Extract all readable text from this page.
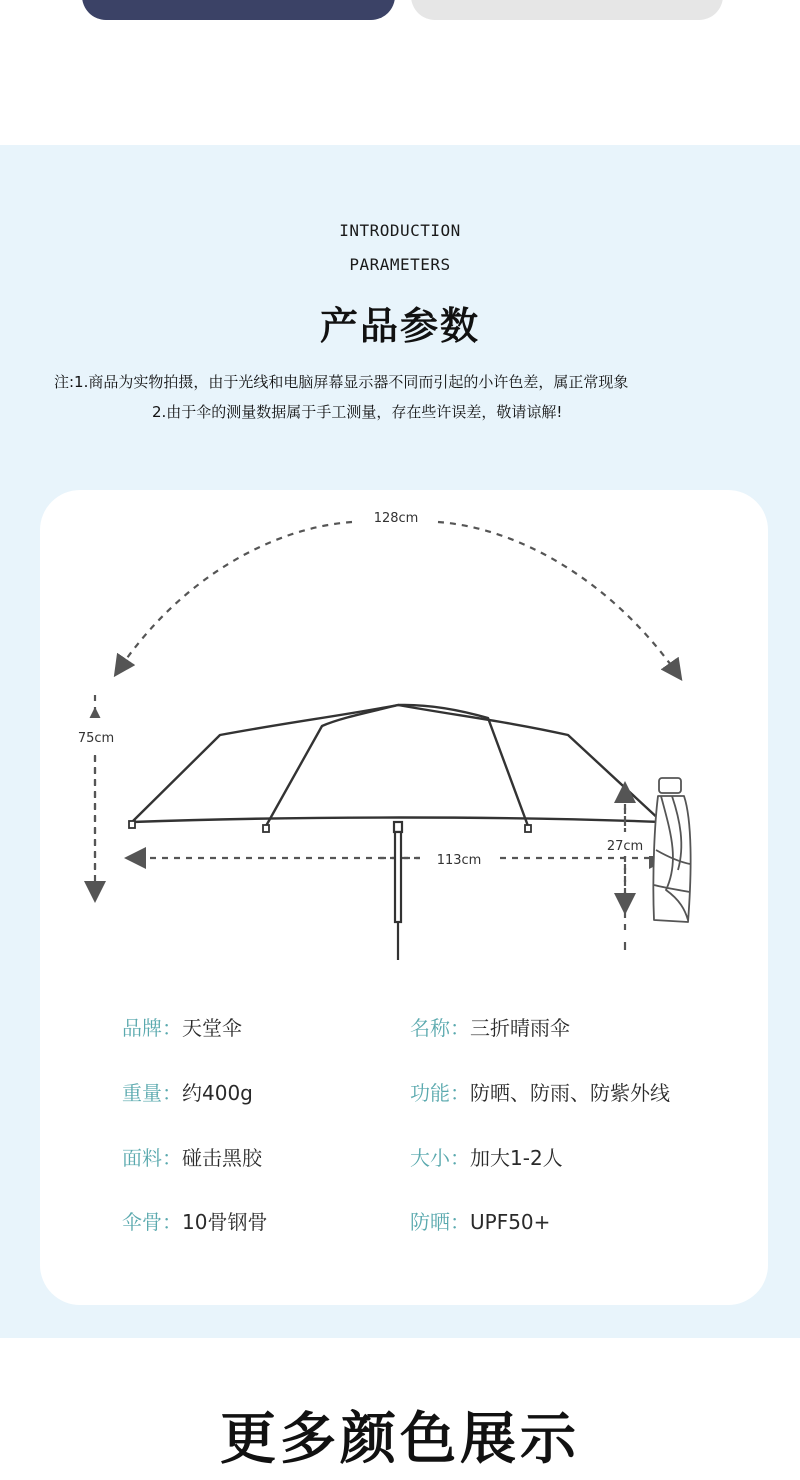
INTRODUCTION
PARAMETERS
产品参数
注:1.商品为实物拍摄，由于光线和电脑屏幕显示器不同而引起的小许色差，属正常现象
2.由于伞的测量数据属于手工测量，存在些许误差，敬请谅解!
128cm
75cm
113cm
27cm
品牌：天堂伞	名称：三折晴雨伞
重量：约400g	功能：防晒、防雨、防紫外线
面料：碰击黑胶	大小：加大1-2人
伞骨：10骨钢骨	防晒：UPF50+
更多颜色展示
